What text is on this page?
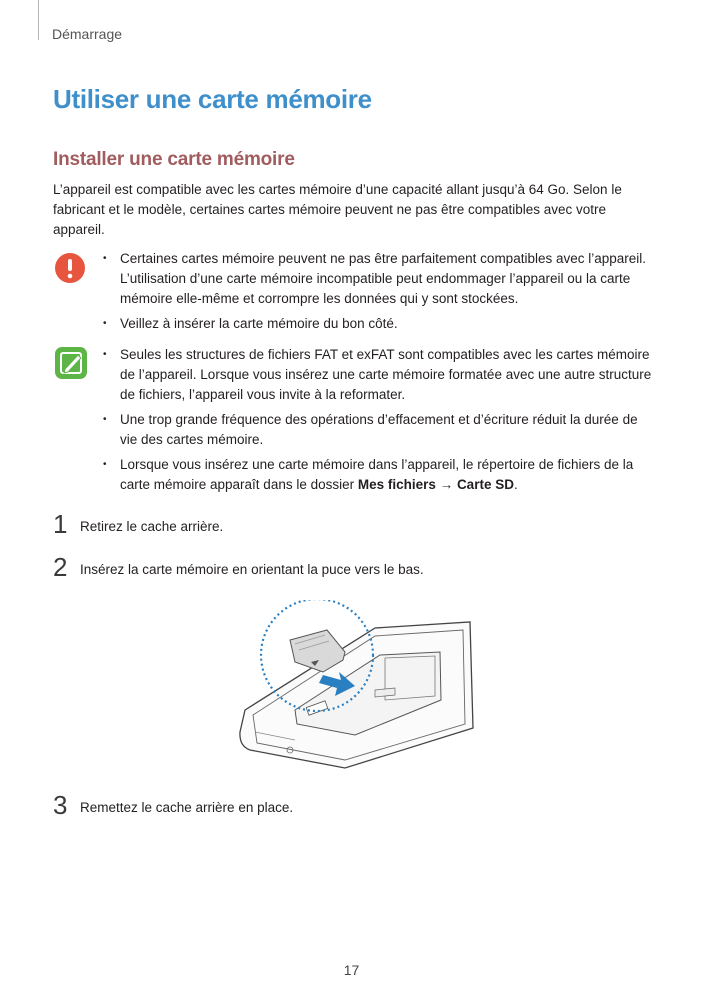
Démarrage
Utiliser une carte mémoire
Installer une carte mémoire
L’appareil est compatible avec les cartes mémoire d’une capacité allant jusqu’à 64 Go. Selon le fabricant et le modèle, certaines cartes mémoire peuvent ne pas être compatibles avec votre appareil.
• Certaines cartes mémoire peuvent ne pas être parfaitement compatibles avec l’appareil. L’utilisation d’une carte mémoire incompatible peut endommager l’appareil ou la carte mémoire elle-même et corrompre les données qui y sont stockées.
• Veillez à insérer la carte mémoire du bon côté.
• Seules les structures de fichiers FAT et exFAT sont compatibles avec les cartes mémoire de l’appareil. Lorsque vous insérez une carte mémoire formatée avec une autre structure de fichiers, l’appareil vous invite à la reformater.
• Une trop grande fréquence des opérations d’effacement et d’écriture réduit la durée de vie des cartes mémoire.
• Lorsque vous insérez une carte mémoire dans l’appareil, le répertoire de fichiers de la carte mémoire apparaît dans le dossier Mes fichiers → Carte SD.
1 Retirez le cache arrière.
2 Insérez la carte mémoire en orientant la puce vers le bas.
3 Remettez le cache arrière en place.
17
